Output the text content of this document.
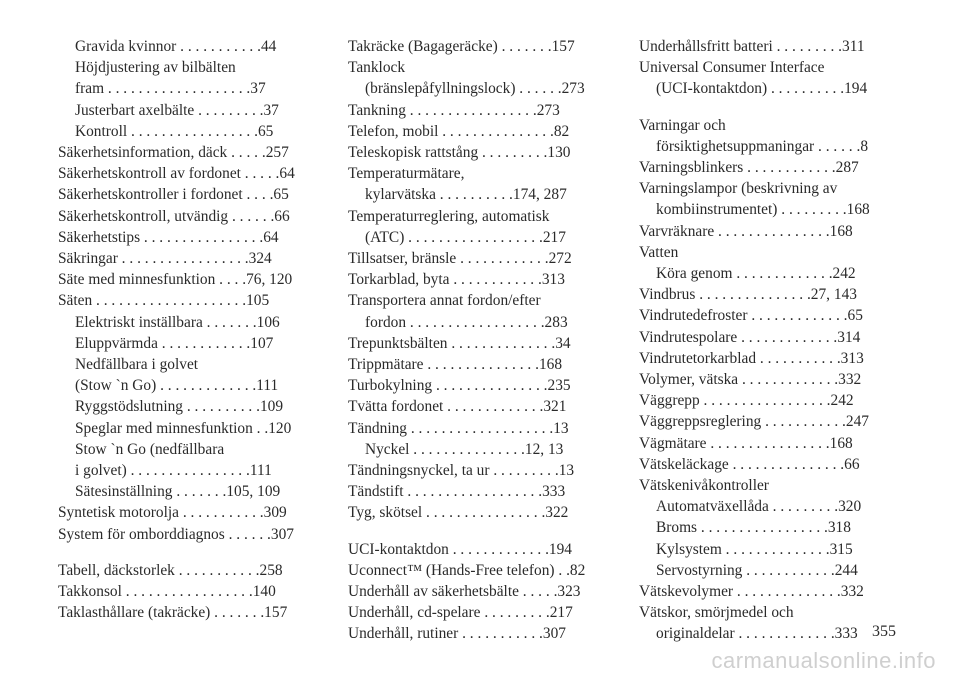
Gravida kvinnor . . . . . . . . . . .44
Höjdjustering av bilbälten
fram . . . . . . . . . . . . . . . . . . .37
Justerbart axelbälte . . . . . . . . .37
Kontroll . . . . . . . . . . . . . . . . .65
Säkerhetsinformation, däck . . . . .257
Säkerhetskontroll av fordonet . . . . .64
Säkerhetskontroller i fordonet . . . .65
Säkerhetskontroll, utvändig . . . . . .66
Säkerhetstips . . . . . . . . . . . . . . . .64
Säkringar . . . . . . . . . . . . . . . . .324
Säte med minnesfunktion . . . .76, 120
Säten . . . . . . . . . . . . . . . . . . . .105
Elektriskt inställbara . . . . . . .106
Eluppvärmda . . . . . . . . . . . .107
Nedfällbara i golvet
(Stow `n Go) . . . . . . . . . . . . .111
Ryggstödslutning . . . . . . . . . .109
Speglar med minnesfunktion . .120
Stow `n Go (nedfällbara
i golvet) . . . . . . . . . . . . . . . .111
Sätesinställning . . . . . . .105, 109
Syntetisk motorolja . . . . . . . . . . .309
System för omborddiagnos . . . . . .307
Tabell, däckstorlek . . . . . . . . . . .258
Takkonsol . . . . . . . . . . . . . . . . .140
Taklasthållare (takräcke) . . . . . . .157
Takräcke (Bagageräcke) . . . . . . .157
Tanklock
(bränslepåfyllningslock) . . . . . .273
Tankning . . . . . . . . . . . . . . . . .273
Telefon, mobil . . . . . . . . . . . . . . .82
Teleskopisk rattstång . . . . . . . . .130
Temperaturmätare,
kylarvätska . . . . . . . . . .174, 287
Temperaturreglering, automatisk
(ATC) . . . . . . . . . . . . . . . . . .217
Tillsatser, bränsle . . . . . . . . . . . .272
Torkarblad, byta . . . . . . . . . . . .313
Transportera annat fordon/efter
fordon . . . . . . . . . . . . . . . . . .283
Trepunktsbälten . . . . . . . . . . . . . .34
Trippmätare . . . . . . . . . . . . . . .168
Turbokylning . . . . . . . . . . . . . . .235
Tvätta fordonet . . . . . . . . . . . . .321
Tändning . . . . . . . . . . . . . . . . . . .13
Nyckel . . . . . . . . . . . . . . .12, 13
Tändningsnyckel, ta ur . . . . . . . . .13
Tändstift . . . . . . . . . . . . . . . . . .333
Tyg, skötsel . . . . . . . . . . . . . . . .322
UCI-kontaktdon . . . . . . . . . . . . .194
Uconnect™ (Hands-Free telefon) . .82
Underhåll av säkerhetsbälte . . . . .323
Underhåll, cd-spelare . . . . . . . . .217
Underhåll, rutiner . . . . . . . . . . .307
Underhållsfritt batteri . . . . . . . . .311
Universal Consumer Interface
(UCI-kontaktdon) . . . . . . . . . .194
Varningar och
försiktighetsuppmaningar . . . . . .8
Varningsblinkers . . . . . . . . . . . .287
Varningslampor (beskrivning av
kombiinstrumentet) . . . . . . . . .168
Varvräknare . . . . . . . . . . . . . . .168
Vatten
Köra genom . . . . . . . . . . . . .242
Vindbrus . . . . . . . . . . . . . . .27, 143
Vindrutedefroster . . . . . . . . . . . . .65
Vindrutespolare . . . . . . . . . . . . .314
Vindrutetorkarblad . . . . . . . . . . .313
Volymer, vätska . . . . . . . . . . . . .332
Väggrepp . . . . . . . . . . . . . . . . .242
Väggreppsreglering . . . . . . . . . . .247
Vägmätare . . . . . . . . . . . . . . . .168
Vätskeläckage . . . . . . . . . . . . . . .66
Vätskenivåkontroller
Automatväxellåda . . . . . . . . .320
Broms . . . . . . . . . . . . . . . . .318
Kylsystem . . . . . . . . . . . . . .315
Servostyrning . . . . . . . . . . . .244
Vätskevolymer . . . . . . . . . . . . . .332
Vätskor, smörjmedel och
originaldelar . . . . . . . . . . . . .333 355
carmanualsonline.info
